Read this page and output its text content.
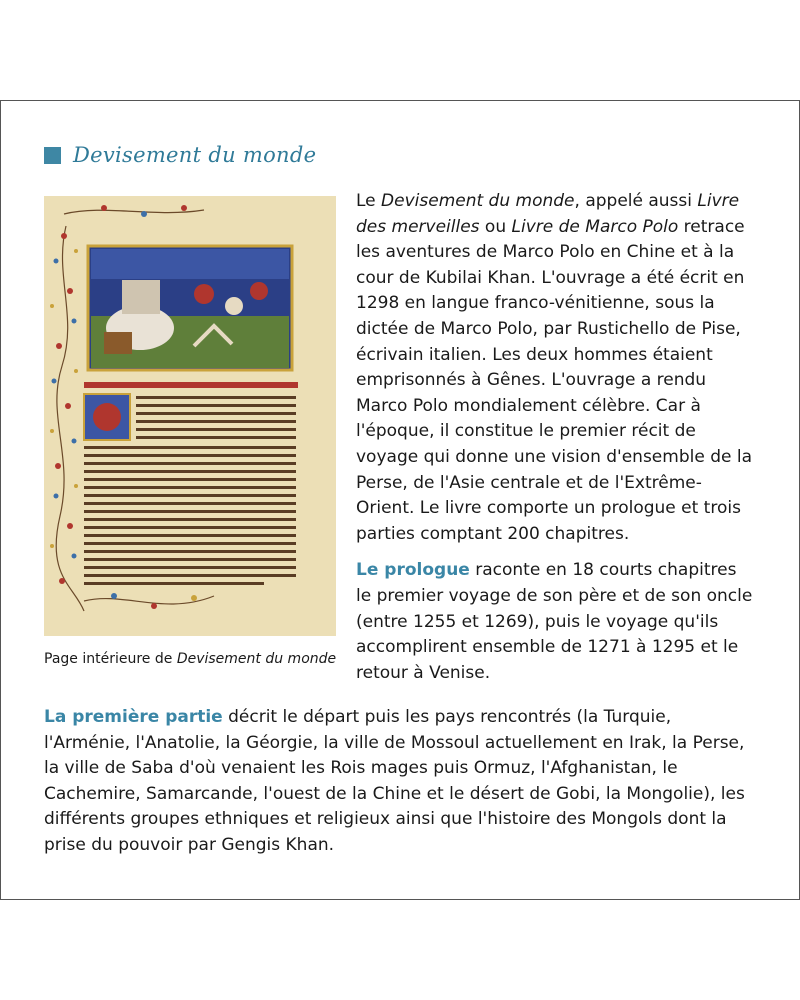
Devisement du monde
Page intérieure de Devisement du monde

Le Devisement du monde, appelé aussi Livre des merveilles ou Livre de Marco Polo retrace les aventures de Marco Polo en Chine et à la cour de Kubilai Khan. L'ouvrage a été écrit en 1298 en langue franco-vénitienne, sous la dictée de Marco Polo, par Rustichello de Pise, écrivain italien. Les deux hommes étaient emprisonnés à Gênes. L'ouvrage a rendu Marco Polo mondialement célèbre. Car à l'époque, il constitue le premier récit de voyage qui donne une vision d'ensemble de la Perse, de l'Asie centrale et de l'Extrême-Orient. Le livre comporte un prologue et trois parties comptant 200 chapitres.

Le prologue raconte en 18 courts chapitres le premier voyage de son père et de son oncle (entre 1255 et 1269), puis le voyage qu'ils accomplirent ensemble de 1271 à 1295 et le retour à Venise.

La première partie décrit le départ puis les pays rencontrés (la Turquie, l'Arménie, l'Anatolie, la Géorgie, la ville de Mossoul actuellement en Irak, la Perse, la ville de Saba d'où venaient les Rois mages puis Ormuz, l'Afghanistan, le Cachemire, Samarcande, l'ouest de la Chine et le désert de Gobi, la Mongolie), les différents groupes ethniques et religieux ainsi que l'histoire des Mongols dont la prise du pouvoir par Gengis Khan.
